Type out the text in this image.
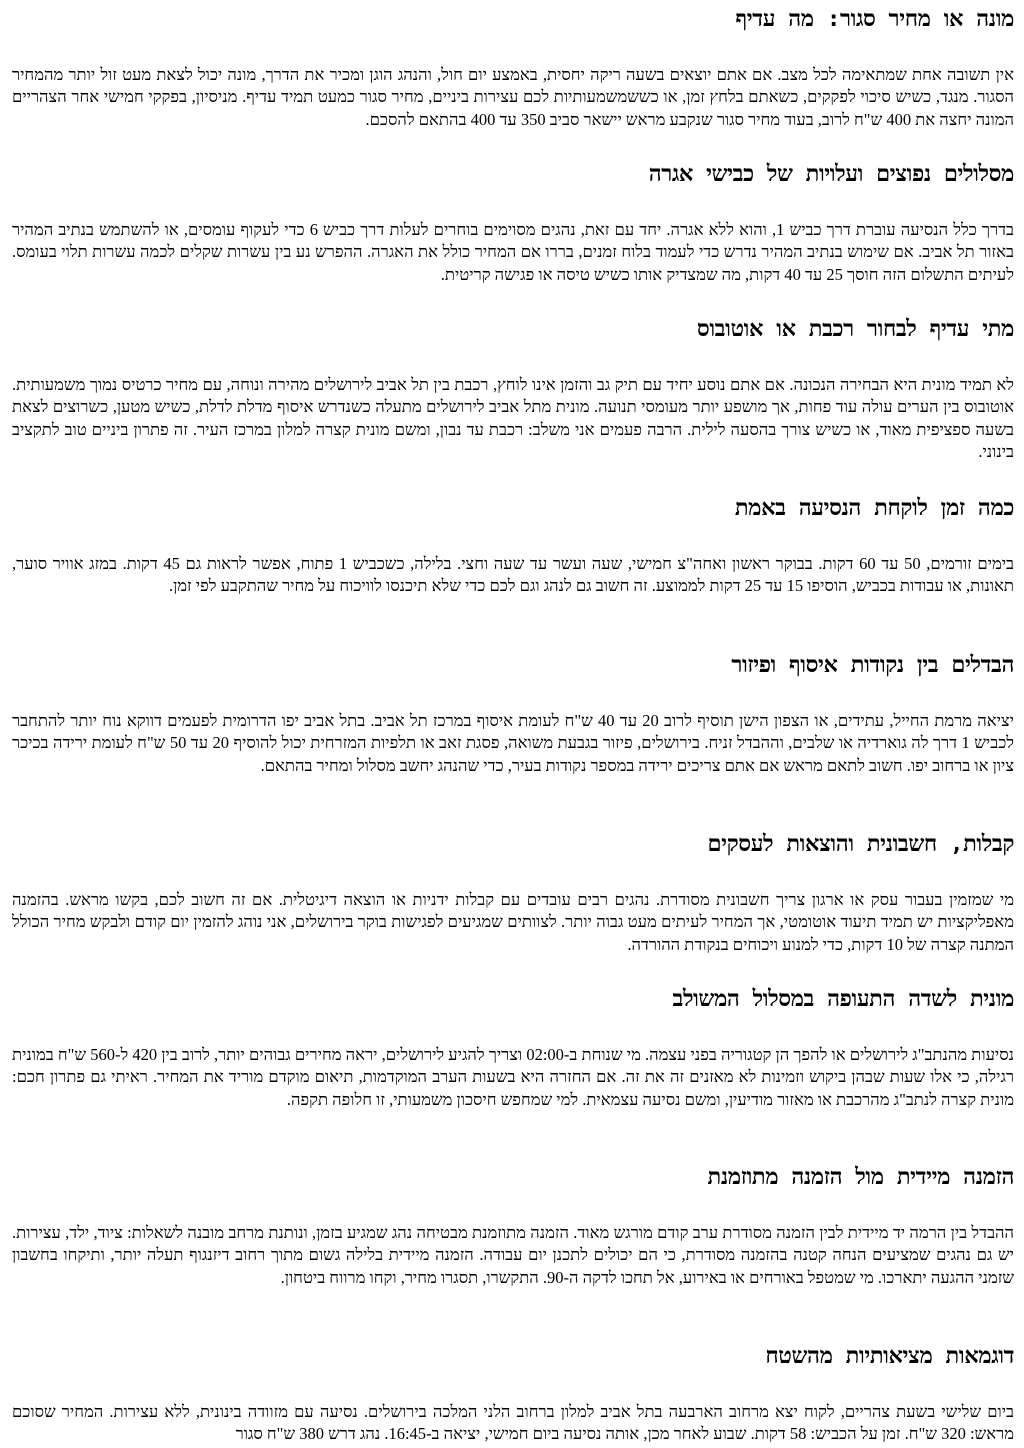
מונה או מחיר סגור: מה עדיף

אין תשובה אחת שמתאימה לכל מצב. אם אתם יוצאים בשעה ריקה יחסית, באמצע יום חול, והנהג הוגן ומכיר את הדרך, מונה יכול לצאת מעט זול יותר מהמחיר הסגור. מנגד, כשיש סיכוי לפקקים, כשאתם בלחץ זמן, או כששמשמעותיות לכם עצירות ביניים, מחיר סגור כמעט תמיד עדיף. מניסיון, בפקקי חמישי אחר הצהריים המונה יחצה את 400 ש"ח לרוב, בעוד מחיר סגור שנקבע מראש יישאר סביב 350 עד 400 בהתאם להסכם.

מסלולים נפוצים ועלויות של כבישי אגרה

בדרך כלל הנסיעה עוברת דרך כביש 1, והוא ללא אגרה. יחד עם זאת, נהגים מסוימים בוחרים לעלות דרך כביש 6 כדי לעקוף עומסים, או להשתמש בנתיב המהיר באזור תל אביב. אם שימוש בנתיב המהיר נדרש כדי לעמוד בלוח זמנים, בררו אם המחיר כולל את האגרה. ההפרש נע בין עשרות שקלים לכמה עשרות תלוי בעומס. לעיתים התשלום הזה חוסך 25 עד 40 דקות, מה שמצדיק אותו כשיש טיסה או פגישה קריטית.

מתי עדיף לבחור רכבת או אוטובוס

לא תמיד מונית היא הבחירה הנכונה. אם אתם נוסע יחיד עם תיק גב והזמן אינו לוחץ, רכבת בין תל אביב לירושלים מהירה ונוחה, עם מחיר כרטיס נמוך משמעותית. אוטובוס בין הערים עולה עוד פחות, אך מושפע יותר מעומסי תנועה. מונית מתל אביב לירושלים מתעלה כשנדרש איסוף מדלת לדלת, כשיש מטען, כשרוצים לצאת בשעה ספציפית מאוד, או כשיש צורך בהסעה לילית. הרבה פעמים אני משלב: רכבת עד נבון, ומשם מונית קצרה למלון במרכז העיר. זה פתרון ביניים טוב לתקציב בינוני.

כמה זמן לוקחת הנסיעה באמת

בימים זורמים, 50 עד 60 דקות. בבוקר ראשון ואחה"צ חמישי, שעה ועשר עד שעה וחצי. בלילה, כשכביש 1 פתוח, אפשר לראות גם 45 דקות. במזג אוויר סוער, תאונות, או עבודות בכביש, הוסיפו 15 עד 25 דקות לממוצע. זה חשוב גם לנהג וגם לכם כדי שלא תיכנסו לוויכוח על מחיר שהתקבע לפי זמן.

הבדלים בין נקודות איסוף ופיזור

יציאה מרמת החייל, עתידים, או הצפון הישן תוסיף לרוב 20 עד 40 ש"ח לעומת איסוף במרכז תל אביב. בתל אביב יפו הדרומית לפעמים דווקא נוח יותר להתחבר לכביש 1 דרך לה גוארדיה או שלבים, וההבדל זניח. בירושלים, פיזור בגבעת משואה, פסגת זאב או תלפיות המזרחית יכול להוסיף 20 עד 50 ש"ח לעומת ירידה בכיכר ציון או ברחוב יפו. חשוב לתאם מראש אם אתם צריכים ירידה במספר נקודות בעיר, כדי שהנהג יחשב מסלול ומחיר בהתאם.

קבלות, חשבונית והוצאות לעסקים

מי שמזמין בעבור עסק או ארגון צריך חשבונית מסודרת. נהגים רבים עובדים עם קבלות ידניות או הוצאה דיגיטלית. אם זה חשוב לכם, בקשו מראש. בהזמנה מאפליקציות יש תמיד תיעוד אוטומטי, אך המחיר לעיתים מעט גבוה יותר. לצוותים שמגיעים לפגישות בוקר בירושלים, אני נוהג להזמין יום קודם ולבקש מחיר הכולל המתנה קצרה של 10 דקות, כדי למנוע ויכוחים בנקודת ההורדה.

מונית לשדה התעופה במסלול המשולב

נסיעות מהנתב"ג לירושלים או להפך הן קטגוריה בפני עצמה. מי שנוחת ב-02:00 וצריך להגיע לירושלים, יראה מחירים גבוהים יותר, לרוב בין 420 ל-560 ש"ח במונית רגילה, כי אלו שעות שבהן ביקוש וזמינות לא מאזנים זה את זה. אם החזרה היא בשעות הערב המוקדמות, תיאום מוקדם מוריד את המחיר. ראיתי גם פתרון חכם: מונית קצרה לנתב"ג מהרכבת או מאזור מודיעין, ומשם נסיעה עצמאית. למי שמחפש חיסכון משמעותי, זו חלופה תקפה.

הזמנה מיידית מול הזמנה מתוזמנת

ההבדל בין הרמה יד מיידית לבין הזמנה מסודרת ערב קודם מורגש מאוד. הזמנה מתוזמנת מבטיחה נהג שמגיע בזמן, ונותנת מרחב מובנה לשאלות: ציוד, ילד, עצירות. יש גם נהגים שמציעים הנחה קטנה בהזמנה מסודרת, כי הם יכולים לתכנן יום עבודה. הזמנה מיידית בלילה גשום מתוך רחוב דיזנגוף תעלה יותר, ותיקחו בחשבון שזמני ההגעה יתארכו. מי שמטפל באורחים או באירוע, אל תחכו לדקה ה-90. התקשרו, תסגרו מחיר, וקחו מרווח ביטחון.

דוגמאות מציאותיות מהשטח

ביום שלישי בשעת צהריים, לקוח יצא מרחוב הארבעה בתל אביב למלון ברחוב הלני המלכה בירושלים. נסיעה עם מזוודה בינונית, ללא עצירות. המחיר שסוכם מראש: 320 ש"ח. זמן על הכביש: 58 דקות. שבוע לאחר מכן, אותה נסיעה ביום חמישי, יציאה ב-16:45. נהג דרש 380 ש"ח סגור
